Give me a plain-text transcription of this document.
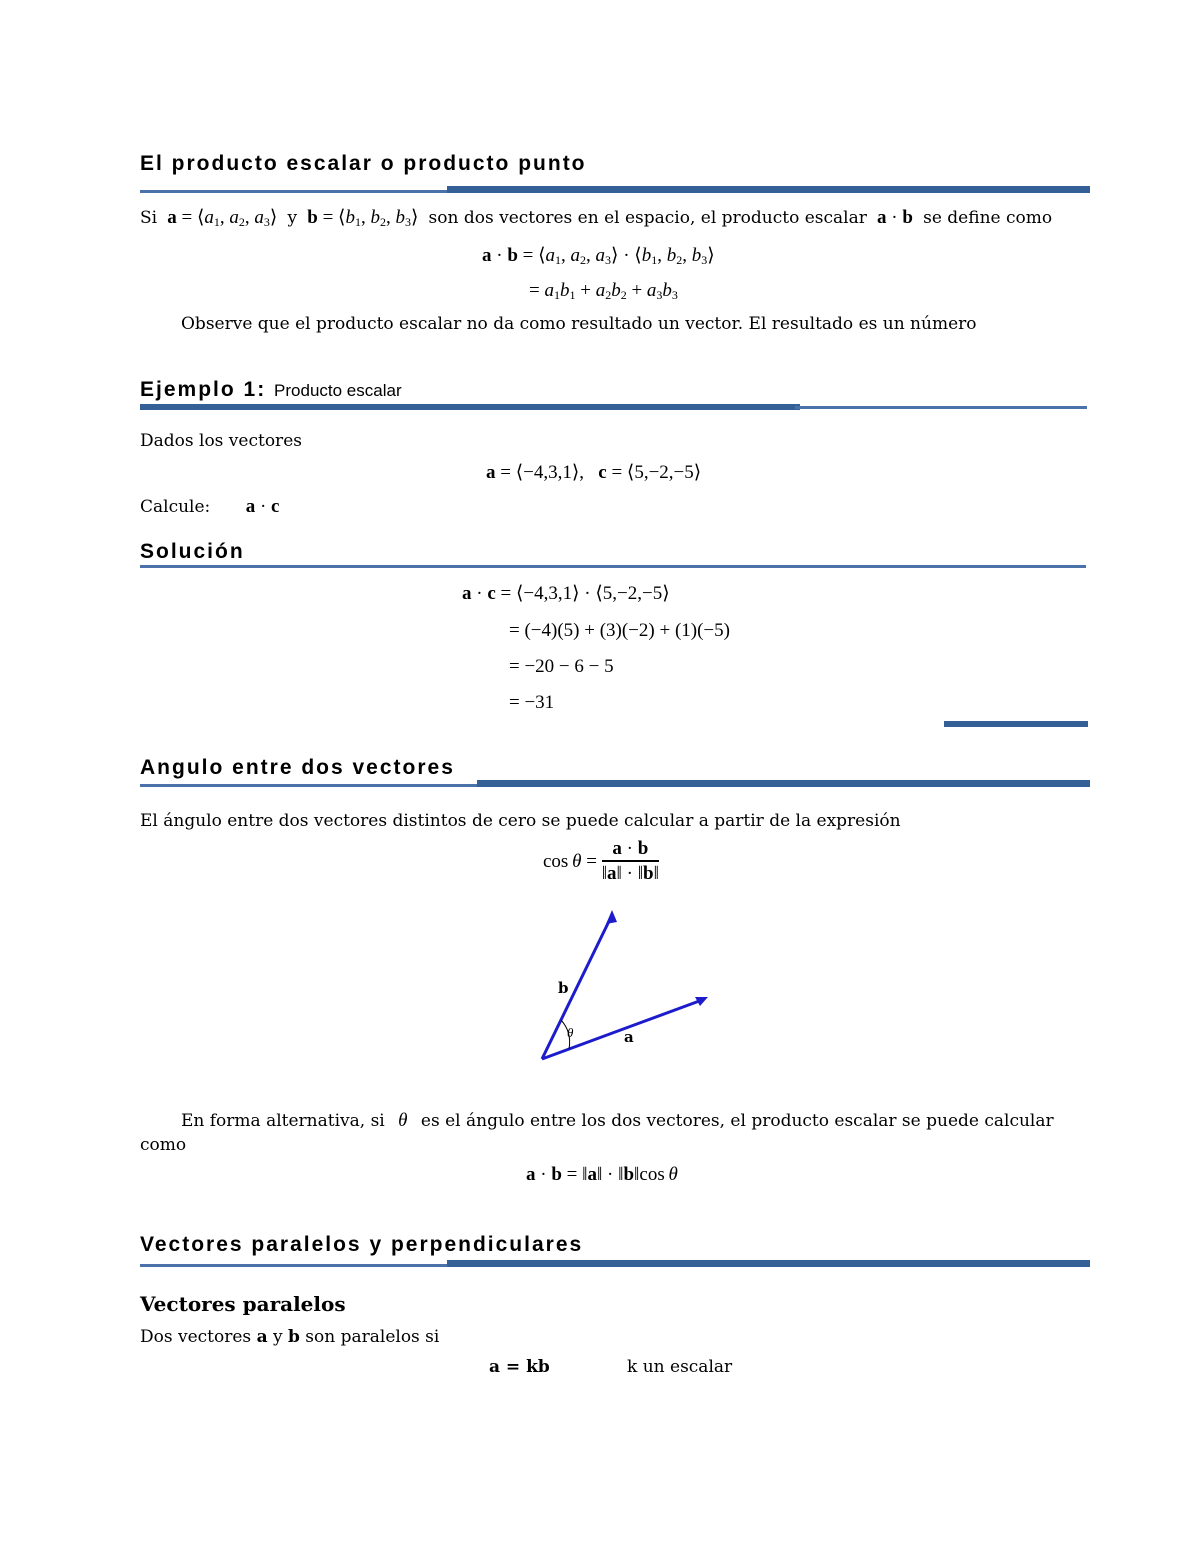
El producto escalar o producto punto
Si $a = ⟨a_1$, $a_2$, $a_3⟩$  y $b = ⟨b_1$, $b_2$, $b_3⟩$  son dos vectores en el espacio, el producto escalar a · b se define como
$a \cdot b = ⟨a_1$, $a_2$, $a_3⟩$ · $⟨b_1$, $b_2$, $b_3⟩$
= $a_1b_1 + a_2b_2 + a_3b_3$
Observe que el producto escalar no da como resultado un vector. El resultado es un número
Ejemplo 1: Producto escalar
Dados los vectores
a = ⟨−4,3,1⟩, c = ⟨5,−2,−5⟩
Calcule: a · c
Solución
a · c = ⟨−4,3,1⟩ · ⟨5,−2,−5⟩
= (−4)(5) + (3)(−2) + (1)(−5)
= −20 − 6 − 5
= −31
Angulo entre dos vectores
El ángulo entre dos vectores distintos de cero se puede calcular a partir de la expresión
$\cos \theta = \frac{a \cdot b}{‖a‖ \cdot ‖b‖}$
b
a
θ
En forma alternativa, si θ es el ángulo entre los dos vectores, el producto escalar se puede calcular
como
a · b = ‖a‖ · ‖b‖cos θ
Vectores paralelos y perpendiculares
Vectores paralelos
Dos vectores a y b son paralelos si
a = kb	k un escalar
